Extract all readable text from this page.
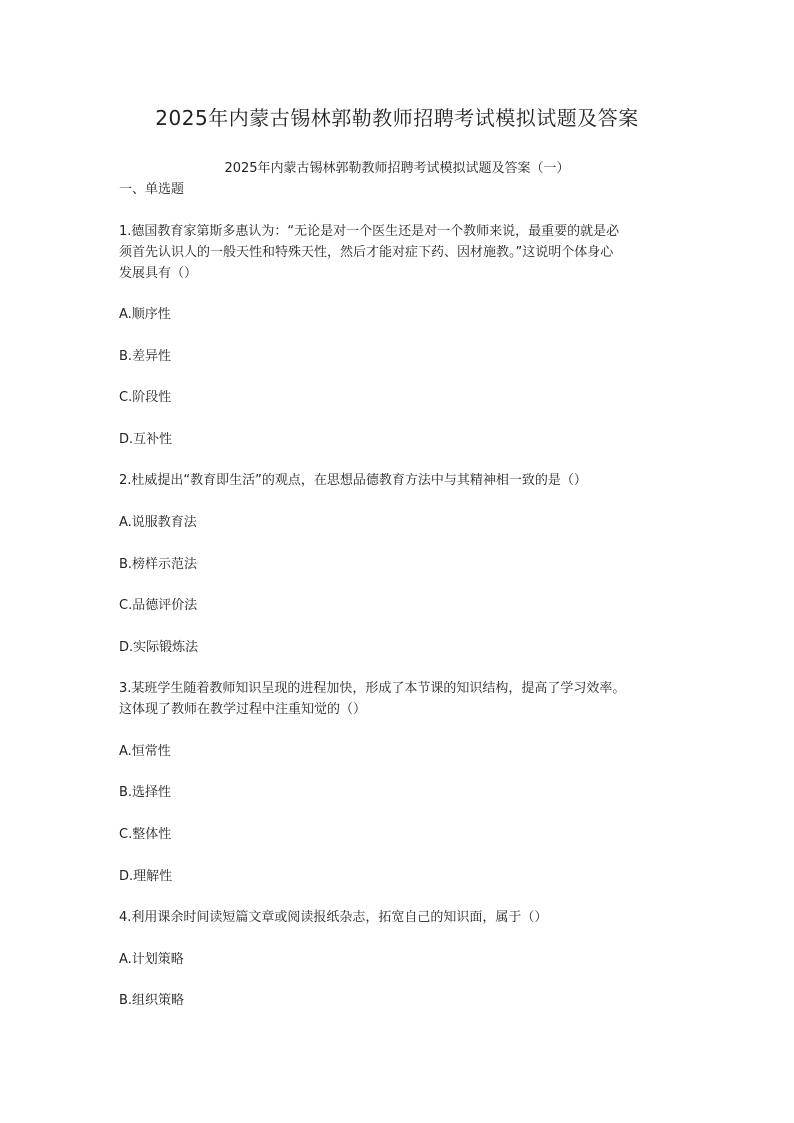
2025年内蒙古锡林郭勒教师招聘考试模拟试题及答案
2025年内蒙古锡林郭勒教师招聘考试模拟试题及答案（一）
一、单选题
1.德国教育家第斯多惠认为：“无论是对一个医生还是对一个教师来说，最重要的就是必
须首先认识人的一般天性和特殊天性，然后才能对症下药、因材施教。”这说明个体身心
发展具有（）
A.顺序性
B.差异性
C.阶段性
D.互补性
2.杜威提出“教育即生活”的观点，在思想品德教育方法中与其精神相一致的是（）
A.说服教育法
B.榜样示范法
C.品德评价法
D.实际锻炼法
3.某班学生随着教师知识呈现的进程加快，形成了本节课的知识结构，提高了学习效率。
这体现了教师在教学过程中注重知觉的（）
A.恒常性
B.选择性
C.整体性
D.理解性
4.利用课余时间读短篇文章或阅读报纸杂志，拓宽自己的知识面，属于（）
A.计划策略
B.组织策略
